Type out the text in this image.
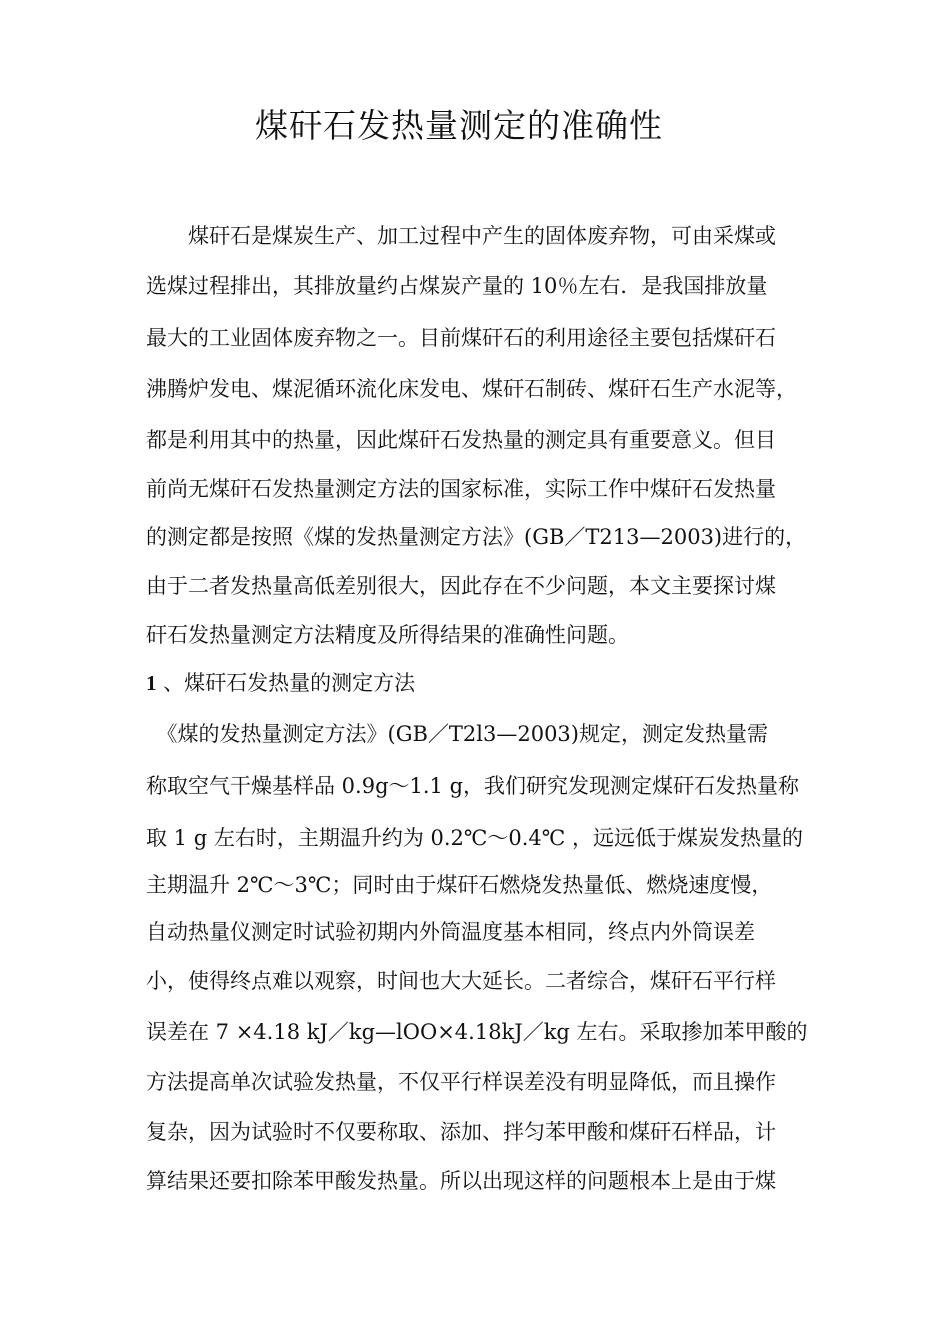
煤矸石发热量测定的准确性
　　煤矸石是煤炭生产、加工过程中产生的固体废弃物，可由采煤或
选煤过程排出，其排放量约占煤炭产量的 10％左右．是我国排放量
最大的工业固体废弃物之一。目前煤矸石的利用途径主要包括煤矸石
沸腾炉发电、煤泥循环流化床发电、煤矸石制砖、煤矸石生产水泥等，
都是利用其中的热量，因此煤矸石发热量的测定具有重要意义。但目
前尚无煤矸石发热量测定方法的国家标准，实际工作中煤矸石发热量
的测定都是按照《煤的发热量测定方法》(GB／T213—2003)进行的，
由于二者发热量高低差别很大，因此存在不少问题，本文主要探讨煤
矸石发热量测定方法精度及所得结果的准确性问题。
1 、煤矸石发热量的测定方法
　《煤的发热量测定方法》(GB／T2l3—2003)规定，测定发热量需
称取空气干燥基样品 0.9g～1.1 g，我们研究发现测定煤矸石发热量称
取 1 g 左右时，主期温升约为 0.2℃～0.4℃ ，远远低于煤炭发热量的
主期温升 2℃～3℃；同时由于煤矸石燃烧发热量低、燃烧速度慢，
自动热量仪测定时试验初期内外筒温度基本相同，终点内外筒误差
小，使得终点难以观察，时间也大大延长。二者综合，煤矸石平行样
误差在 7 ×4.18 kJ／kg—lOO×4.18kJ／kg 左右。采取掺加苯甲酸的
方法提高单次试验发热量，不仅平行样误差没有明显降低，而且操作
复杂，因为试验时不仅要称取、添加、拌匀苯甲酸和煤矸石样品，计
算结果还要扣除苯甲酸发热量。所以出现这样的问题根本上是由于煤
